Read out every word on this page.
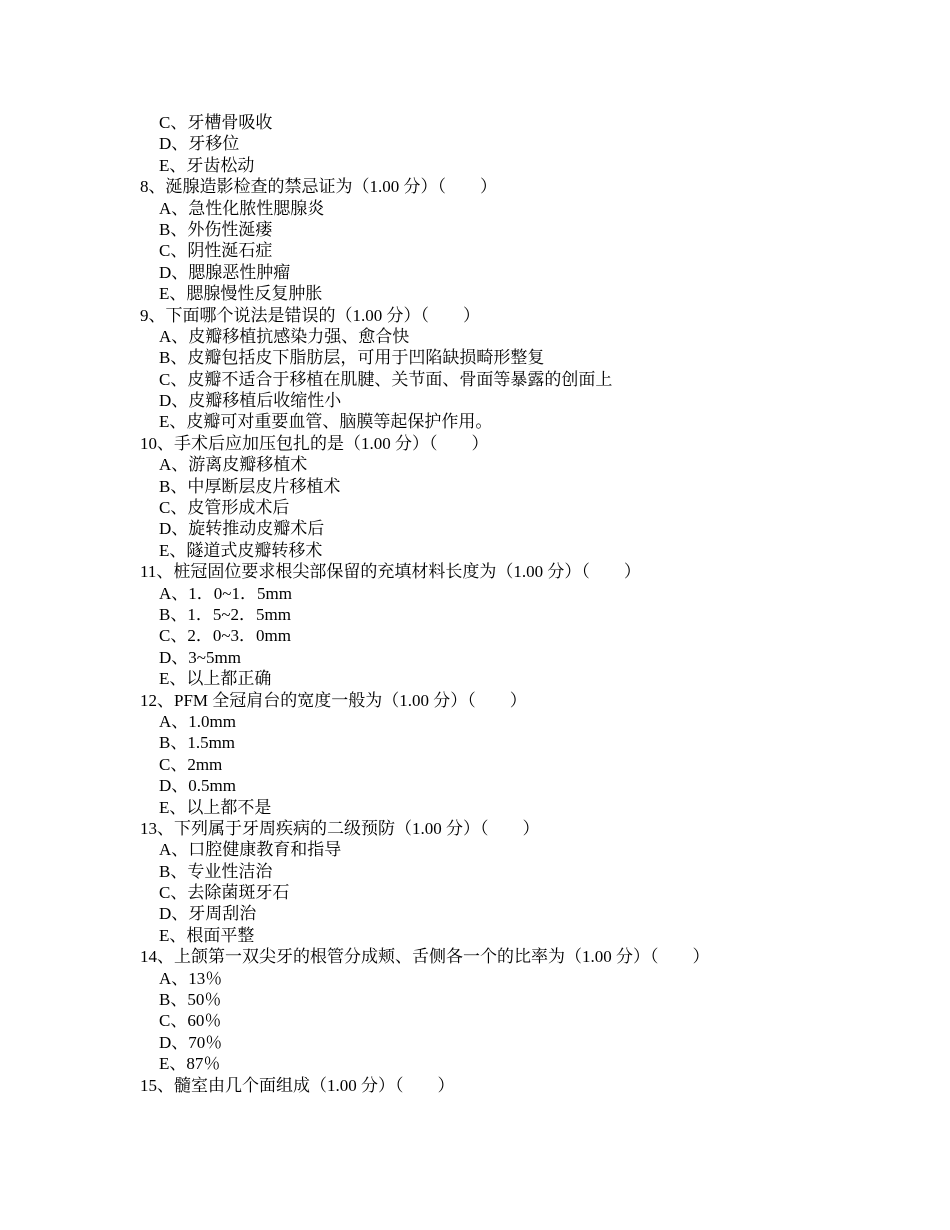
C、牙槽骨吸收
D、牙移位
E、牙齿松动
8、涎腺造影检查的禁忌证为（1.00 分）（　　）
A、急性化脓性腮腺炎
B、外伤性涎瘘
C、阴性涎石症
D、腮腺恶性肿瘤
E、腮腺慢性反复肿胀
9、下面哪个说法是错误的（1.00 分）（　　）
A、皮瓣移植抗感染力强、愈合快
B、皮瓣包括皮下脂肪层，可用于凹陷缺损畸形整复
C、皮瓣不适合于移植在肌腱、关节面、骨面等暴露的创面上
D、皮瓣移植后收缩性小
E、皮瓣可对重要血管、脑膜等起保护作用。
10、手术后应加压包扎的是（1.00 分）（　　）
A、游离皮瓣移植术
B、中厚断层皮片移植术
C、皮管形成术后
D、旋转推动皮瓣术后
E、隧道式皮瓣转移术
11、桩冠固位要求根尖部保留的充填材料长度为（1.00 分）（　　）
A、1．0~1．5mm
B、1．5~2．5mm
C、2．0~3．0mm
D、3~5mm
E、以上都正确
12、PFM 全冠肩台的宽度一般为（1.00 分）（　　）
A、1.0mm
B、1.5mm
C、2mm
D、0.5mm
E、以上都不是
13、下列属于牙周疾病的二级预防（1.00 分）（　　）
A、口腔健康教育和指导
B、专业性洁治
C、去除菌斑牙石
D、牙周刮治
E、根面平整
14、上颌第一双尖牙的根管分成颊、舌侧各一个的比率为（1.00 分）（　　）
A、13％
B、50％
C、60％
D、70％
E、87％
15、髓室由几个面组成（1.00 分）（　　）
